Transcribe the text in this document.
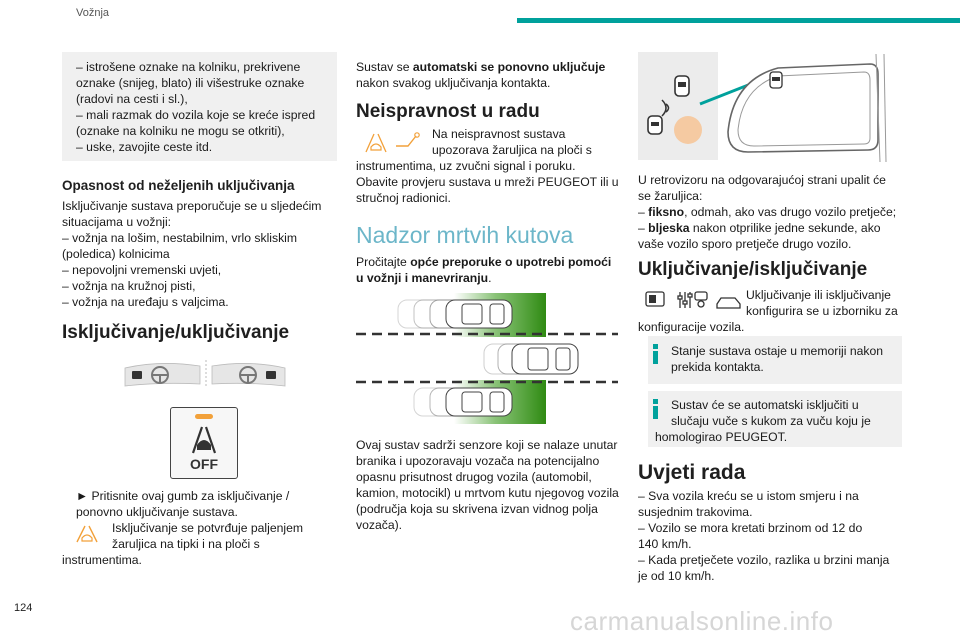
Vožnja

– istrošene oznake na kolniku, prekrivene

oznake (snijeg, blato) ili višestruke oznake

(radovi na cesti i sl.),

– mali razmak do vozila koje se kreće ispred

(oznake na kolniku ne mogu se otkriti),

– uske, zavojite ceste itd.

Opasnost od neželjenih uključivanja

Isključivanje sustava preporučuje se u sljedećim

situacijama u vožnji:

– vožnja na lošim, nestabilnim, vrlo skliskim

(poledica) kolnicima

– nepovoljni vremenski uvjeti,

– vožnja na kružnoj pisti,

– vožnja na uređaju s valjcima.

Isključivanje/uključivanje
OFF

► Pritisnite ovaj gumb za isključivanje /

ponovno uključivanje sustava.

Isključivanje se potvrđuje paljenjem

žaruljica na tipki i na ploči s

instrumentima.

Sustav se automatski se ponovno uključuje

nakon svakog uključivanja kontakta.

Neispravnost u radu

Na neispravnost sustava

upozorava žaruljica na ploči s

instrumentima, uz zvučni signal i poruku.

Obavite provjeru sustava u mreži PEUGEOT ili u

stručnoj radionici.

Nadzor mrtvih kutova

Pročitajte opće preporuke o upotrebi pomoći

u vožnji i manevriranju.

Ovaj sustav sadrži senzore koji se nalaze unutar

branika i upozoravaju vozača na potencijalno

opasnu prisutnost drugog vozila (automobil,

kamion, motocikl) u mrtvom kutu njegovog vozila

(područja koja su skrivena izvan vidnog polja

vozača).

U retrovizoru na odgovarajućoj strani upalit će

se žaruljica:

– fiksno, odmah, ako vas drugo vozilo pretječe;

– bljeska nakon otprilike jedne sekunde, ako

vaše vozilo sporo pretječe drugo vozilo.

Uključivanje/isključivanje

Uključivanje ili isključivanje

konfigurira se u izborniku za

konfiguracije vozila.

Stanje sustava ostaje u memoriji nakon

prekida kontakta.

Sustav će se automatski isključiti u

slučaju vuče s kukom za vuču koju je

homologirao PEUGEOT.

Uvjeti rada

– Sva vozila kreću se u istom smjeru i na

susjednim trakovima.

– Vozilo se mora kretati brzinom od 12 do

140 km/h.

– Kada pretječete vozilo, razlika u brzini manja

je od 10 km/h.

124	carmanualsonline.info
